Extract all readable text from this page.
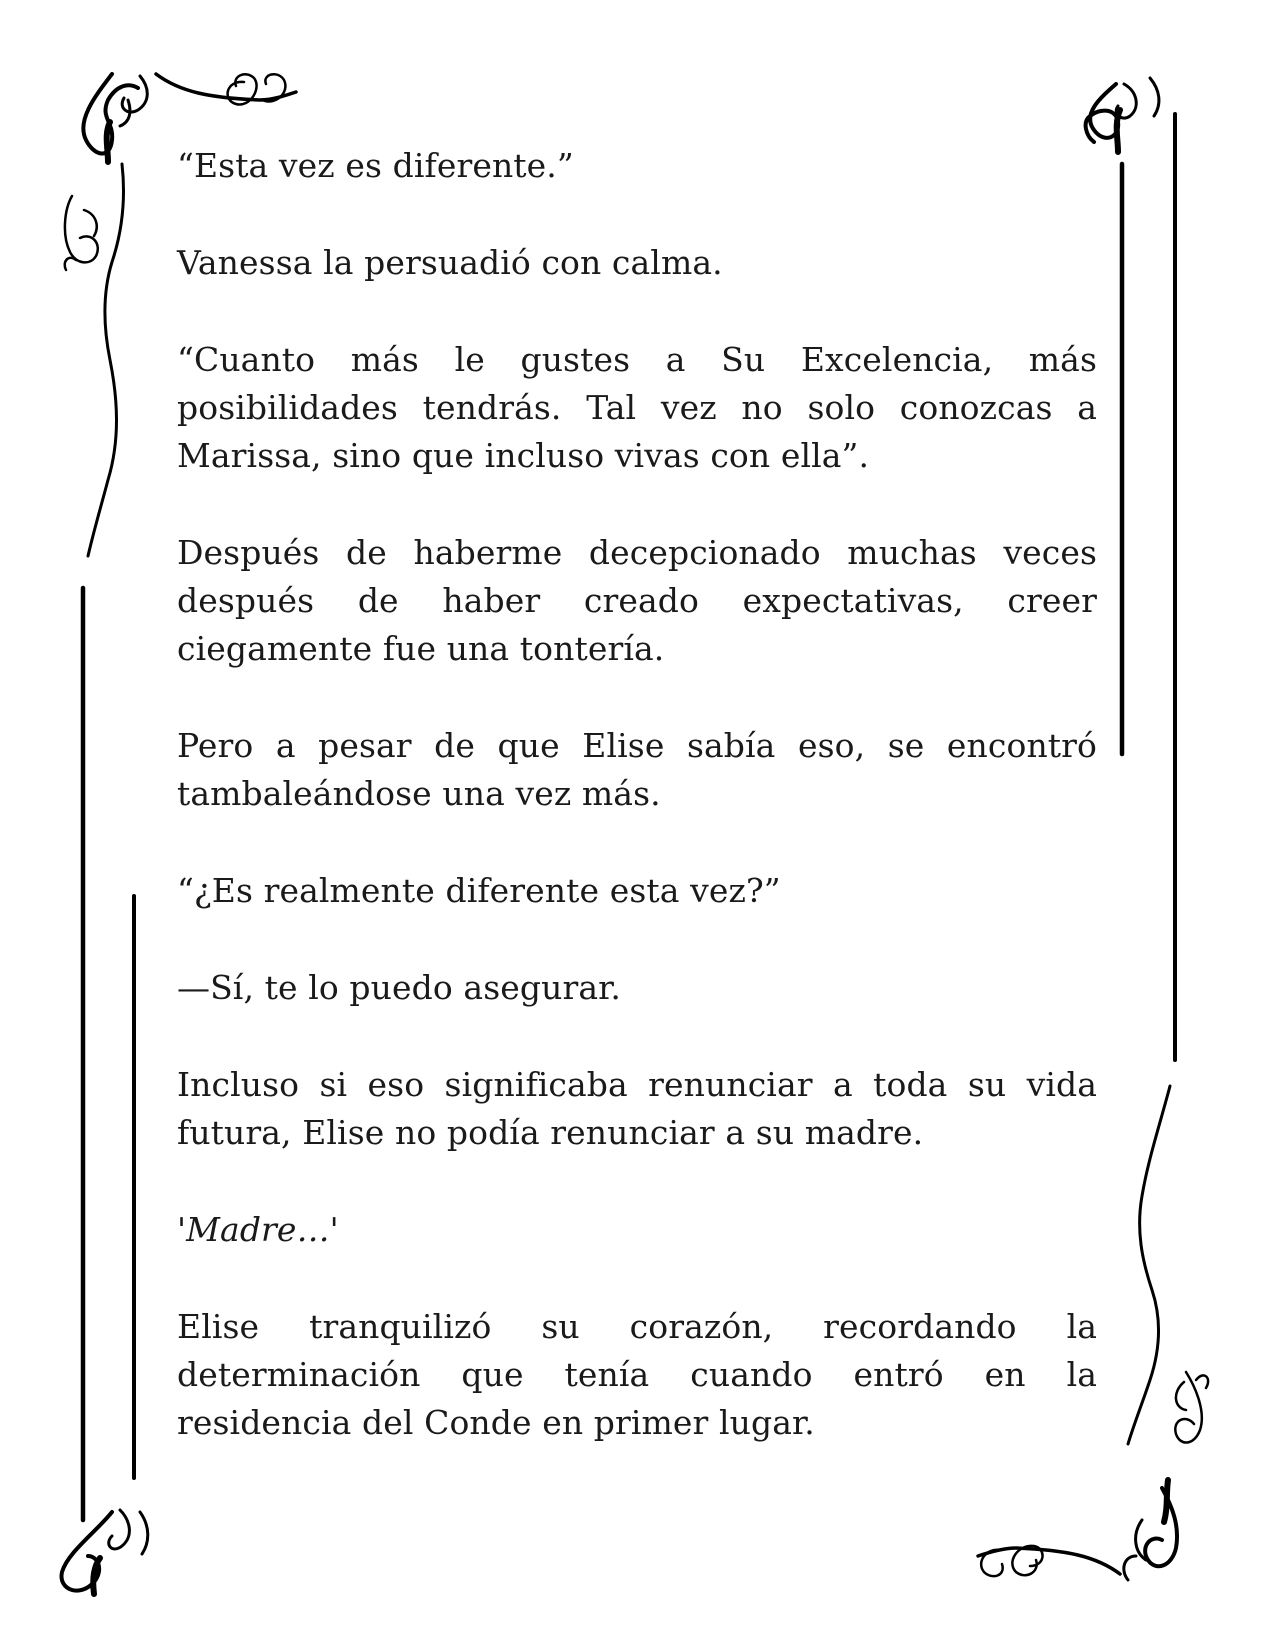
“Esta vez es diferente.”

Vanessa la persuadió con calma.

“Cuanto más le gustes a Su Excelencia, más posibilidades tendrás. Tal vez no solo conozcas a Marissa, sino que incluso vivas con ella”.

Después de haberme decepcionado muchas veces después de haber creado expectativas, creer ciegamente fue una tontería.

Pero a pesar de que Elise sabía eso, se encontró tambaleándose una vez más.

“¿Es realmente diferente esta vez?”

—Sí, te lo puedo asegurar.

Incluso si eso significaba renunciar a toda su vida futura, Elise no podía renunciar a su madre.

'Madre…'

Elise tranquilizó su corazón, recordando la determinación que tenía cuando entró en la residencia del Conde en primer lugar.
